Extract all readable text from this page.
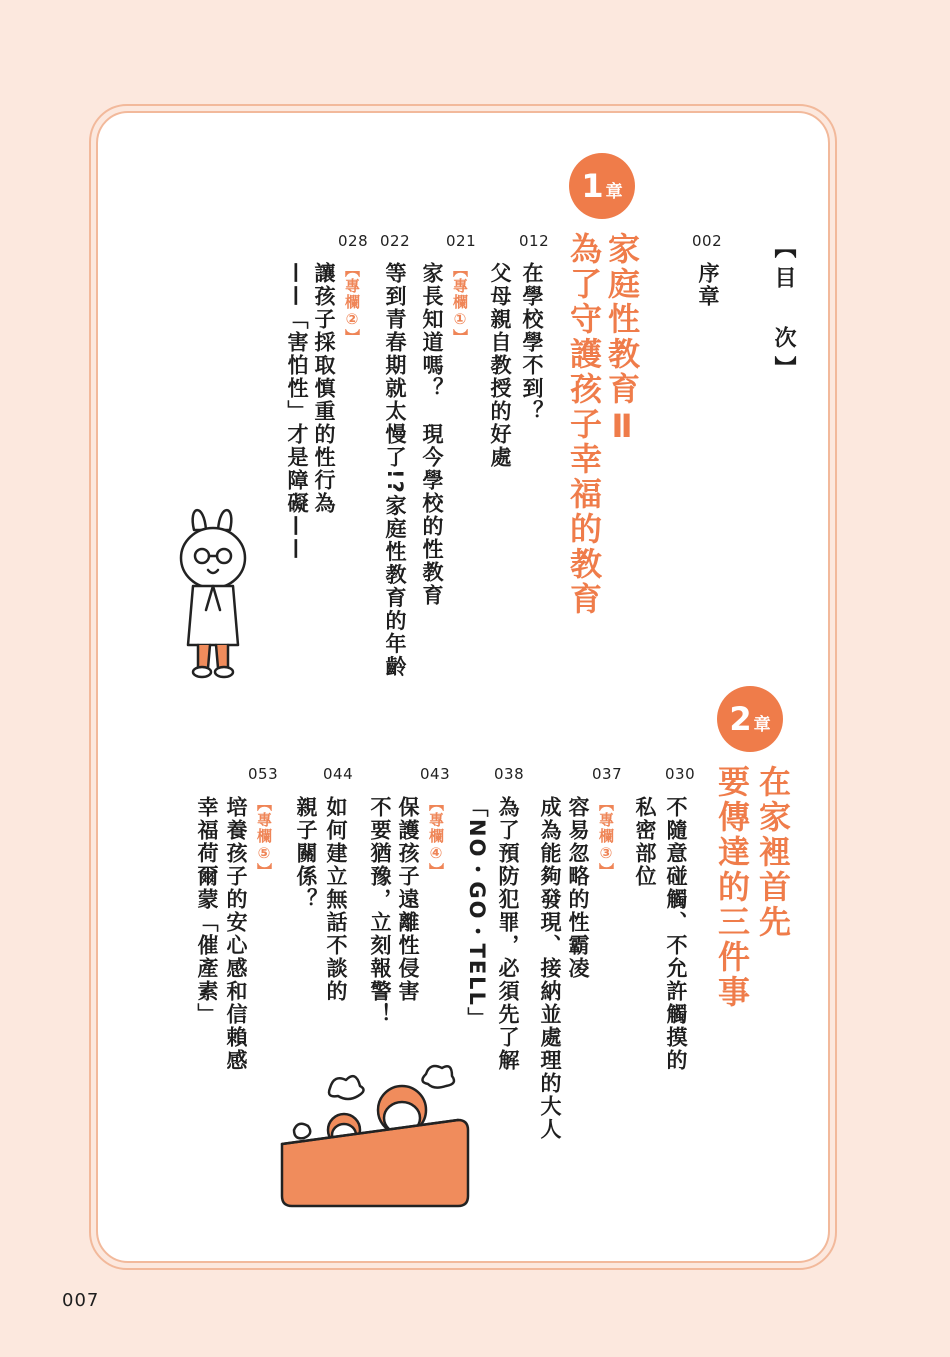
【目　次】
002
序章
1 章
家庭性教育Ⅱ
為了守護孩子幸福的教育
012
在學校學不到？
父母親自教授的好處
021
【專欄①】
家長知道嗎？　現今學校的性教育
022
等到青春期就太慢了!?家庭性教育的年齡
028
【專欄②】
讓孩子採取慎重的性行為
——「害怕性」才是障礙——
2 章
在家裡首先
要傳達的三件事
030
不隨意碰觸、不允許觸摸的
私密部位
037
【專欄③】
容易忽略的性霸凌
038
成為能夠發現、接納並處理的大人
043
為了預防犯罪，必須先了解
「NO・GO・TELL」
044
【專欄④】
保護孩子遠離性侵害
不要猶豫，立刻報警！
053
如何建立無話不談的
親子關係？
【專欄⑤】
培養孩子的安心感和信賴感
幸福荷爾蒙「催產素」
007
